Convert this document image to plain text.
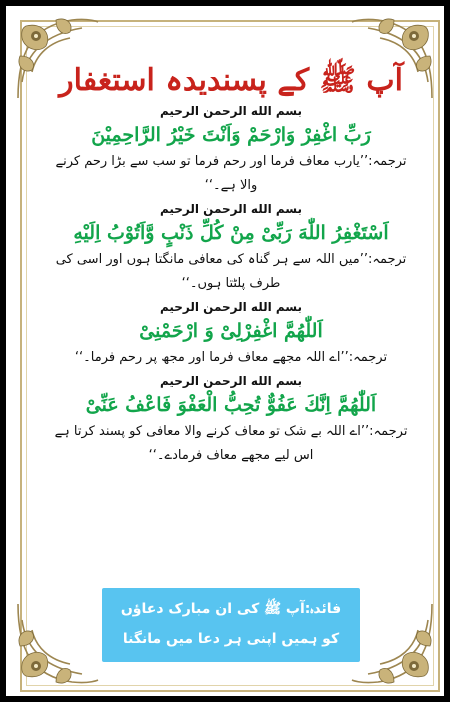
آپ ﷺ کے پسندیدہ استغفار

بسم الله الرحمن الرحيم

رَبِّ اغْفِرْ وَارْحَمْ وَاَنْتَ خَيْرُ الرَّاحِمِيْنَ

ترجمہ:’’یارب معاف فرما اور رحم فرما تو سب سے بڑا رحم کرنے والا ہے۔‘‘

بسم الله الرحمن الرحيم

اَسْتَغْفِرُ اللّٰهَ رَبِّیْ مِنْ كُلِّ ذَنْبٍ وَّاَتُوْبُ اِلَيْهِ

ترجمہ:’’میں اللہ سے ہر گناہ کی معافی مانگتا ہوں اور اسی کی طرف پلٹتا ہوں۔‘‘

بسم الله الرحمن الرحيم

اَللّٰهُمَّ اغْفِرْلِیْ وَ ارْحَمْنِیْ

ترجمہ:’’اے اللہ مجھے معاف فرما اور مجھ پر رحم فرما۔‘‘

بسم الله الرحمن الرحيم

اَللّٰهُمَّ اِنَّكَ عَفُوٌّ تُحِبُّ الْعَفْوَ فَاعْفُ عَنِّیْ

ترجمہ:’’اے اللہ بے شک تو معاف کرنے والا معافی کو پسند کرتا ہے اس لیے مجھے معاف فرمادے۔‘‘

فائدہ:آپ ﷺ کی ان مبارک دعاؤں

کو ہمیں اپنی ہر دعا میں مانگنا چاہیے۔
